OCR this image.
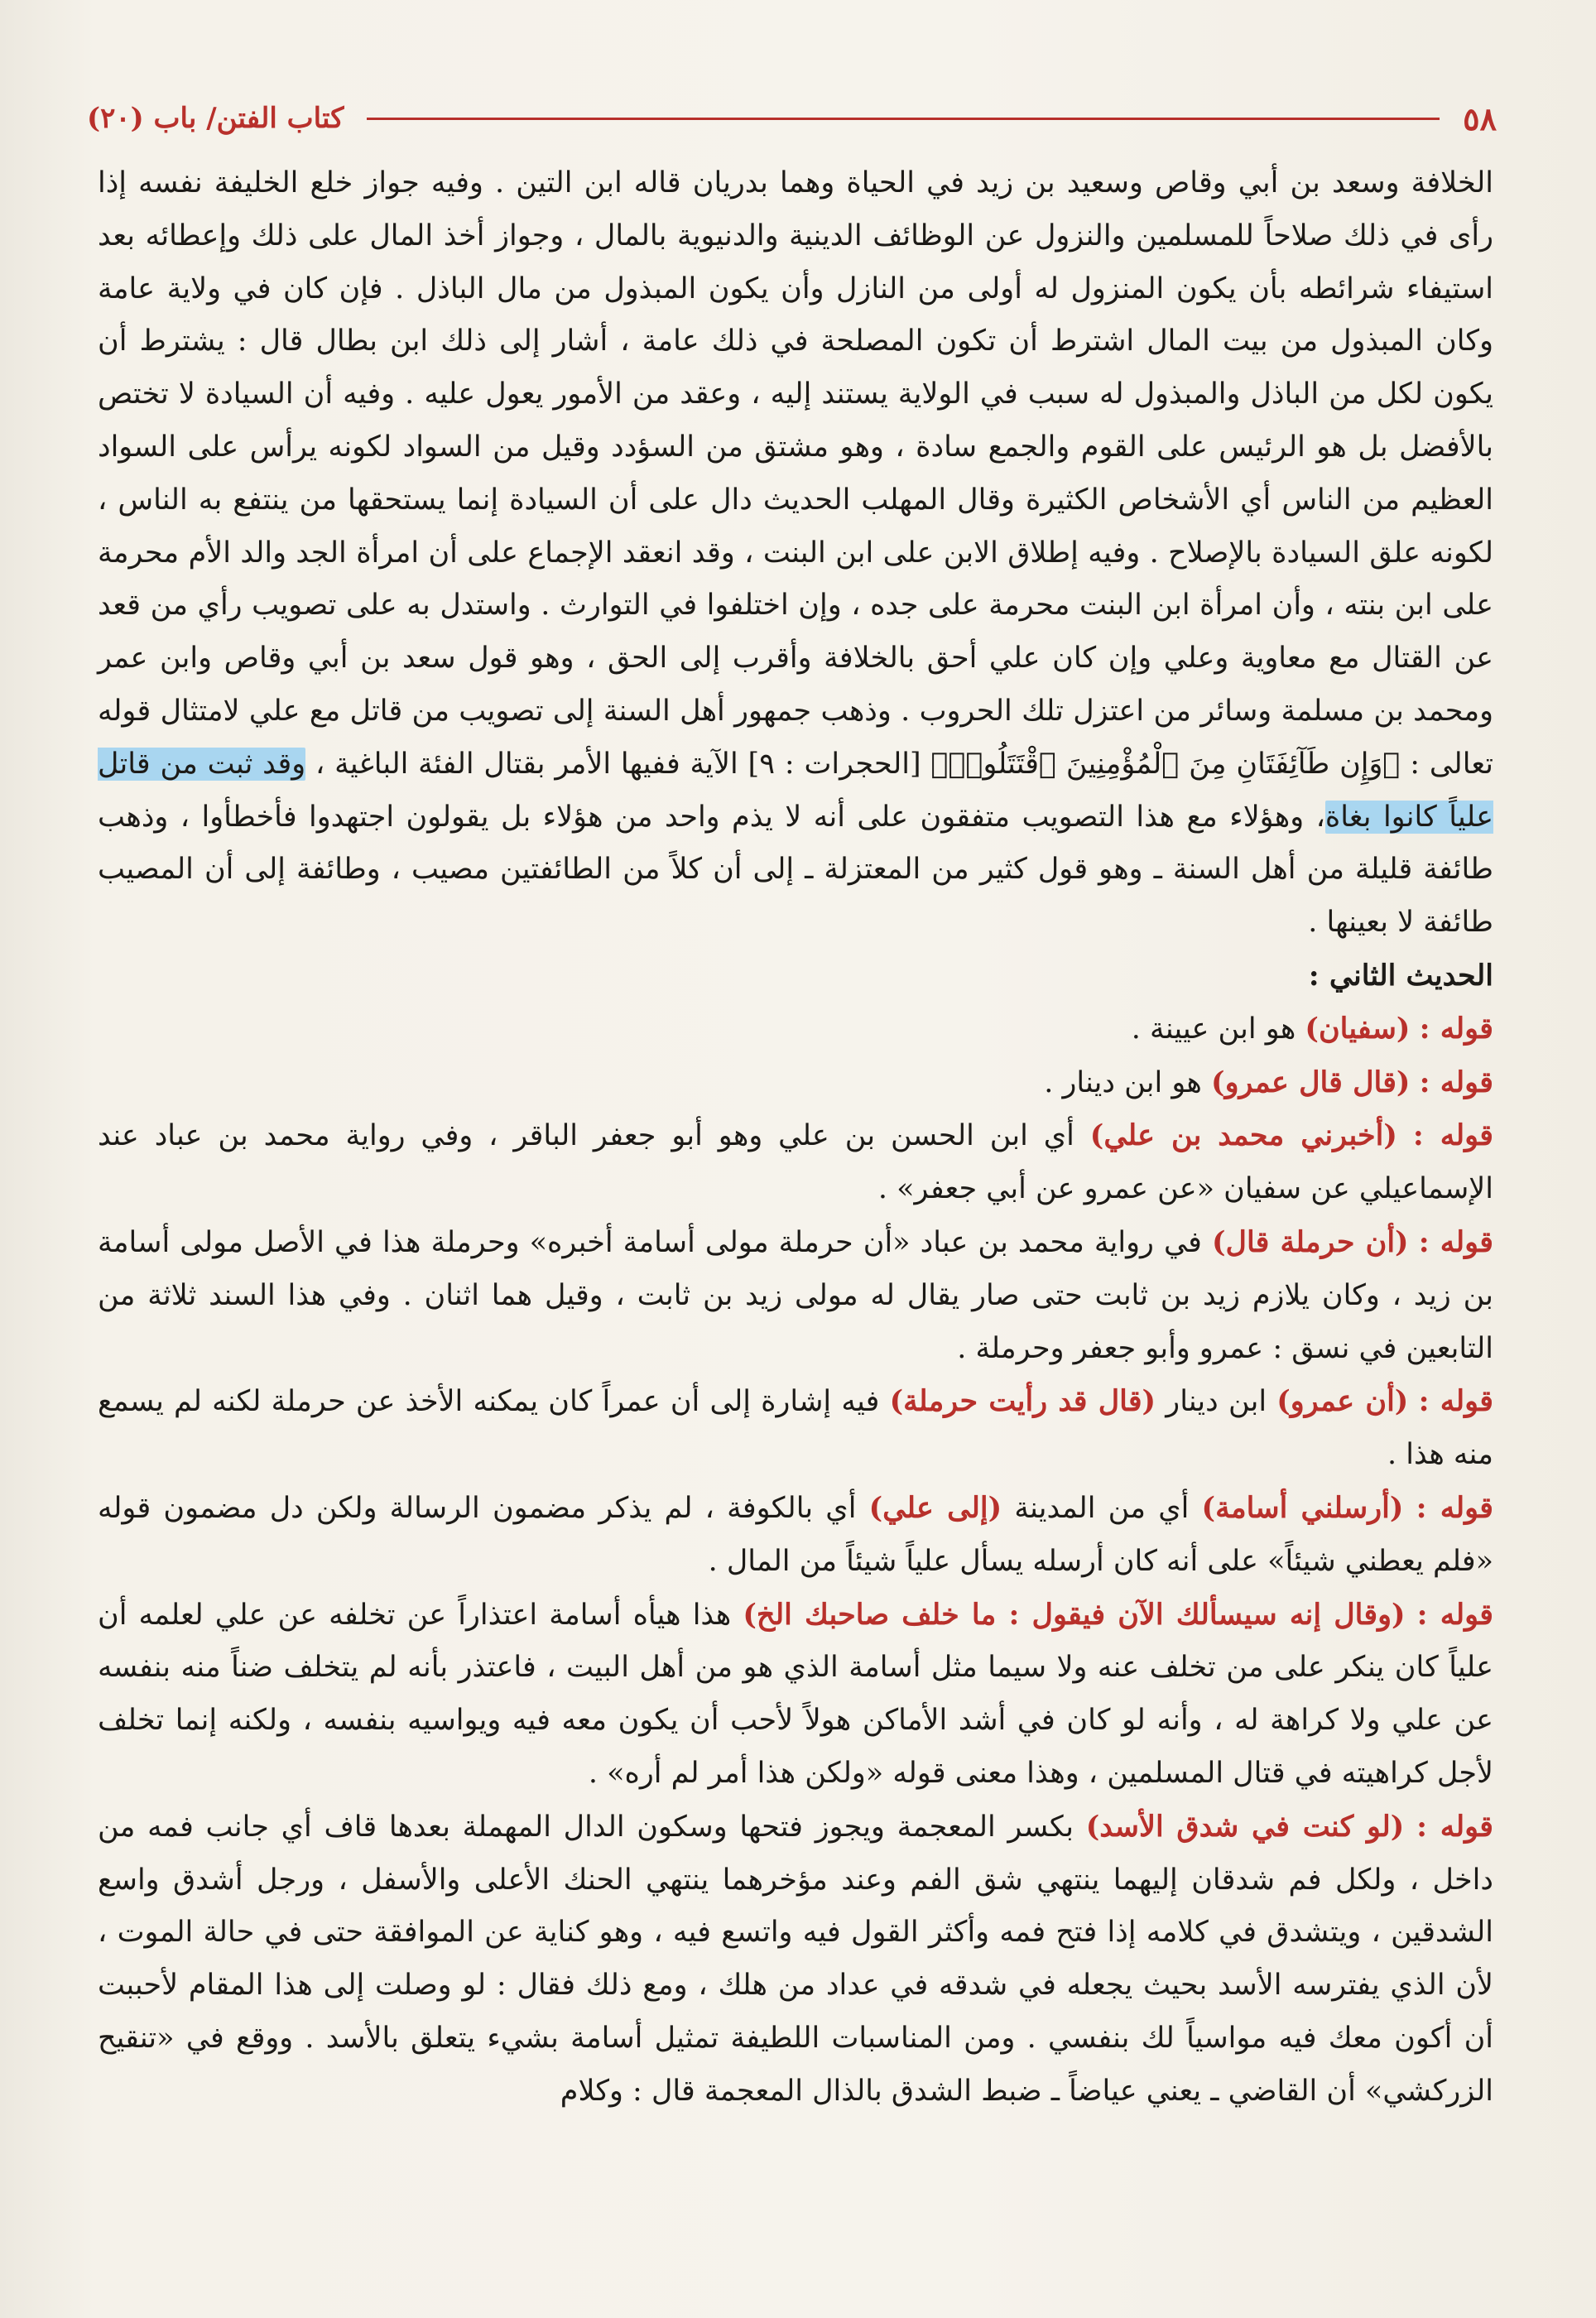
٥٨
كتاب الفتن/ باب (٢٠)

الخلافة وسعد بن أبي وقاص وسعيد بن زيد في الحياة وهما بدريان قاله ابن التين . وفيه جواز خلع الخليفة نفسه إذا رأى في ذلك صلاحاً للمسلمين والنزول عن الوظائف الدينية والدنيوية بالمال ، وجواز أخذ المال على ذلك وإعطائه بعد استيفاء شرائطه بأن يكون المنزول له أولى من النازل وأن يكون المبذول من مال الباذل . فإن كان في ولاية عامة وكان المبذول من بيت المال اشترط أن تكون المصلحة في ذلك عامة ، أشار إلى ذلك ابن بطال قال : يشترط أن يكون لكل من الباذل والمبذول له سبب في الولاية يستند إليه ، وعقد من الأمور يعول عليه . وفيه أن السيادة لا تختص بالأفضل بل هو الرئيس على القوم والجمع سادة ، وهو مشتق من السؤدد وقيل من السواد لكونه يرأس على السواد العظيم من الناس أي الأشخاص الكثيرة وقال المهلب الحديث دال على أن السيادة إنما يستحقها من ينتفع به الناس ، لكونه علق السيادة بالإصلاح . وفيه إطلاق الابن على ابن البنت ، وقد انعقد الإجماع على أن امرأة الجد والد الأم محرمة على ابن بنته ، وأن امرأة ابن البنت محرمة على جده ، وإن اختلفوا في التوارث . واستدل به على تصويب رأي من قعد عن القتال مع معاوية وعلي وإن كان علي أحق بالخلافة وأقرب إلى الحق ، وهو قول سعد بن أبي وقاص وابن عمر ومحمد بن مسلمة وسائر من اعتزل تلك الحروب . وذهب جمهور أهل السنة إلى تصويب من قاتل مع علي لامتثال قوله تعالى : ﴿وَإِن طَآئِفَتَانِ مِنَ ٱلْمُؤْمِنِينَ ٱقْتَتَلُوا۟﴾ [الحجرات : ٩] الآية ففيها الأمر بقتال الفئة الباغية ، وقد ثبت من قاتل علياً كانوا بغاة، وهؤلاء مع هذا التصويب متفقون على أنه لا يذم واحد من هؤلاء بل يقولون اجتهدوا فأخطأوا ، وذهب طائفة قليلة من أهل السنة ـ وهو قول كثير من المعتزلة ـ إلى أن كلاً من الطائفتين مصيب ، وطائفة إلى أن المصيب طائفة لا بعينها .

الحديث الثاني :

قوله : (سفيان) هو ابن عيينة .

قوله : (قال قال عمرو) هو ابن دينار .

قوله : (أخبرني محمد بن علي) أي ابن الحسن بن علي وهو أبو جعفر الباقر ، وفي رواية محمد بن عباد عند الإسماعيلي عن سفيان «عن عمرو عن أبي جعفر» .

قوله : (أن حرملة قال) في رواية محمد بن عباد «أن حرملة مولى أسامة أخبره» وحرملة هذا في الأصل مولى أسامة بن زيد ، وكان يلازم زيد بن ثابت حتى صار يقال له مولى زيد بن ثابت ، وقيل هما اثنان . وفي هذا السند ثلاثة من التابعين في نسق : عمرو وأبو جعفر وحرملة .

قوله : (أن عمرو) ابن دينار (قال قد رأيت حرملة) فيه إشارة إلى أن عمراً كان يمكنه الأخذ عن حرملة لكنه لم يسمع منه هذا .

قوله : (أرسلني أسامة) أي من المدينة (إلى علي) أي بالكوفة ، لم يذكر مضمون الرسالة ولكن دل مضمون قوله «فلم يعطني شيئاً» على أنه كان أرسله يسأل علياً شيئاً من المال .

قوله : (وقال إنه سيسألك الآن فيقول : ما خلف صاحبك الخ) هذا هيأه أسامة اعتذاراً عن تخلفه عن علي لعلمه أن علياً كان ينكر على من تخلف عنه ولا سيما مثل أسامة الذي هو من أهل البيت ، فاعتذر بأنه لم يتخلف ضناً منه بنفسه عن علي ولا كراهة له ، وأنه لو كان في أشد الأماكن هولاً لأحب أن يكون معه فيه ويواسيه بنفسه ، ولكنه إنما تخلف لأجل كراهيته في قتال المسلمين ، وهذا معنى قوله «ولكن هذا أمر لم أره» .

قوله : (لو كنت في شدق الأسد) بكسر المعجمة ويجوز فتحها وسكون الدال المهملة بعدها قاف أي جانب فمه من داخل ، ولكل فم شدقان إليهما ينتهي شق الفم وعند مؤخرهما ينتهي الحنك الأعلى والأسفل ، ورجل أشدق واسع الشدقين ، ويتشدق في كلامه إذا فتح فمه وأكثر القول فيه واتسع فيه ، وهو كناية عن الموافقة حتى في حالة الموت ، لأن الذي يفترسه الأسد بحيث يجعله في شدقه في عداد من هلك ، ومع ذلك فقال : لو وصلت إلى هذا المقام لأحببت أن أكون معك فيه مواسياً لك بنفسي . ومن المناسبات اللطيفة تمثيل أسامة بشيء يتعلق بالأسد . ووقع في «تنقيح الزركشي» أن القاضي ـ يعني عياضاً ـ ضبط الشدق بالذال المعجمة قال : وكلام
